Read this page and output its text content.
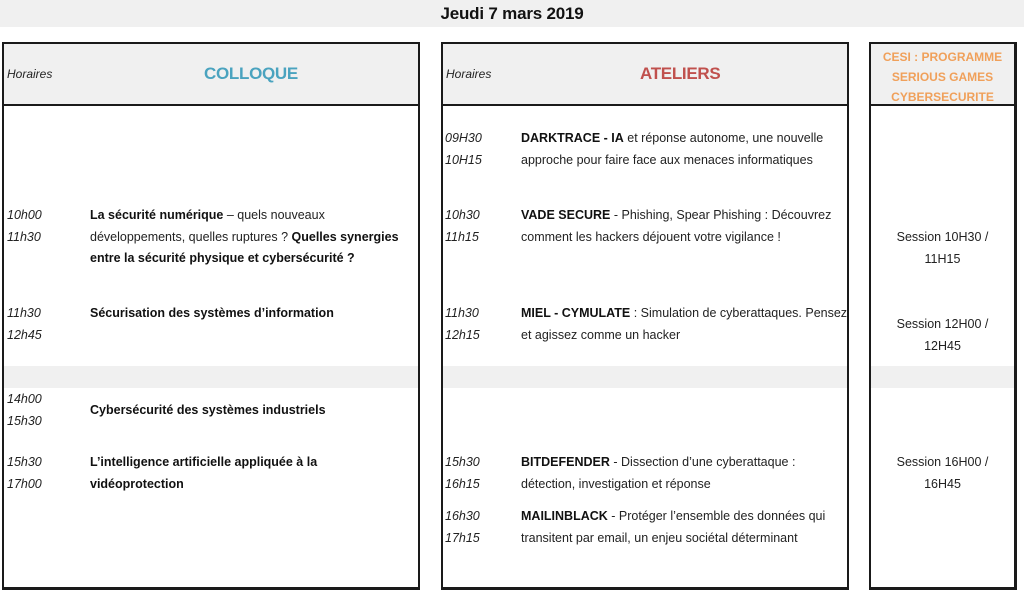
Jeudi 7 mars 2019
Horaires	COLLOQUE
10h00
11h30
La sécurité numérique – quels nouveaux développements, quelles ruptures ? Quelles synergies entre la sécurité physique et cybersécurité ?
11h30
12h45
Sécurisation des systèmes d’information
14h00
15h30
Cybersécurité des systèmes industriels
15h30
17h00
L’intelligence artificielle appliquée à la vidéoprotection
Horaires	ATELIERS
09H30
10H15
DARKTRACE - IA et réponse autonome, une nouvelle approche pour faire face aux menaces informatiques
10h30
11h15
VADE SECURE - Phishing, Spear Phishing : Découvrez comment les hackers déjouent votre vigilance !
11h30
12h15
MIEL - CYMULATE : Simulation de cyberattaques. Pensez et agissez comme un hacker
15h30
16h15
BITDEFENDER - Dissection d’une cyberattaque : détection, investigation et réponse
16h30
17h15
MAILINBLACK - Protéger l’ensemble des données qui transitent par email, un enjeu sociétal déterminant
CESI : PROGRAMME
SERIOUS GAMES
CYBERSECURITE
Session 10H30 /
11H15
Session 12H00 /
12H45
Session 16H00 /
16H45
